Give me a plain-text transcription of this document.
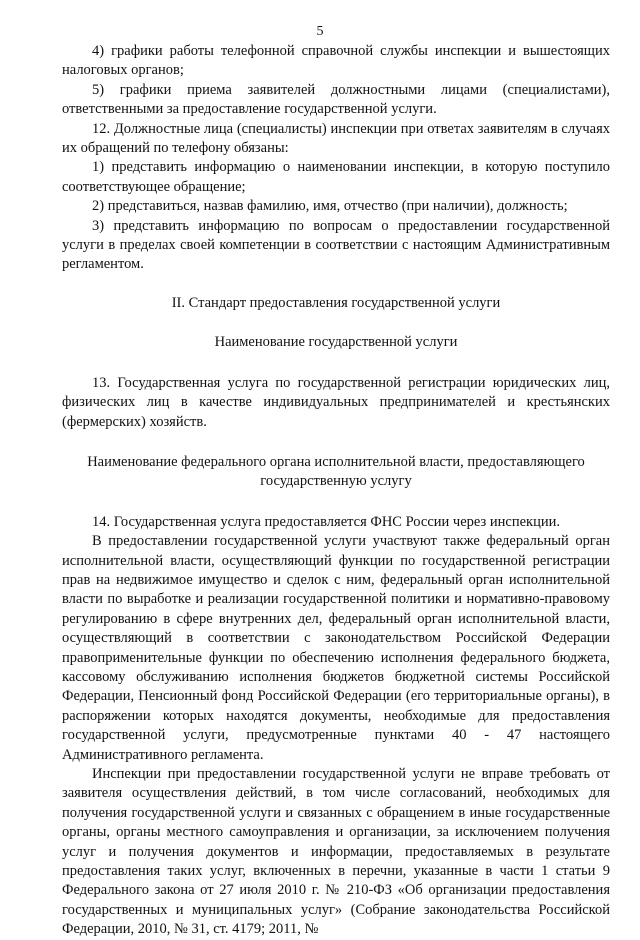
5

4) графики работы телефонной справочной службы инспекции и вышестоящих налоговых органов;

5) графики приема заявителей должностными лицами (специалистами), ответственными за предоставление государственной услуги.

12. Должностные лица (специалисты) инспекции при ответах заявителям в случаях их обращений по телефону обязаны:

1) представить информацию о наименовании инспекции, в которую поступило соответствующее обращение;

2) представиться, назвав фамилию, имя, отчество (при наличии), должность;

3) представить информацию по вопросам о предоставлении государственной услуги в пределах своей компетенции в соответствии с настоящим Административным регламентом.

II. Стандарт предоставления государственной услуги

Наименование государственной услуги

13. Государственная услуга по государственной регистрации юридических лиц, физических лиц в качестве индивидуальных предпринимателей и крестьянских (фермерских) хозяйств.

Наименование федерального органа исполнительной власти, предоставляющего государственную услугу

14. Государственная услуга предоставляется ФНС России через инспекции.

В предоставлении государственной услуги участвуют также федеральный орган исполнительной власти, осуществляющий функции по государственной регистрации прав на недвижимое имущество и сделок с ним, федеральный орган исполнительной власти по выработке и реализации государственной политики и нормативно-правовому регулированию в сфере внутренних дел, федеральный орган исполнительной власти, осуществляющий в соответствии с законодательством Российской Федерации правоприменительные функции по обеспечению исполнения федерального бюджета, кассовому обслуживанию исполнения бюджетов бюджетной системы Российской Федерации, Пенсионный фонд Российской Федерации (его территориальные органы), в распоряжении которых находятся документы, необходимые для предоставления государственной услуги, предусмотренные пунктами 40 - 47 настоящего Административного регламента.

Инспекции при предоставлении государственной услуги не вправе требовать от заявителя осуществления действий, в том числе согласований, необходимых для получения государственной услуги и связанных с обращением в иные государственные органы, органы местного самоуправления и организации, за исключением получения услуг и получения документов и информации, предоставляемых в результате предоставления таких услуг, включенных в перечни, указанные в части 1 статьи 9 Федерального закона от 27 июля 2010 г. № 210-ФЗ «Об организации предоставления государственных и муниципальных услуг» (Собрание законодательства Российской Федерации, 2010, № 31, ст. 4179; 2011, №
